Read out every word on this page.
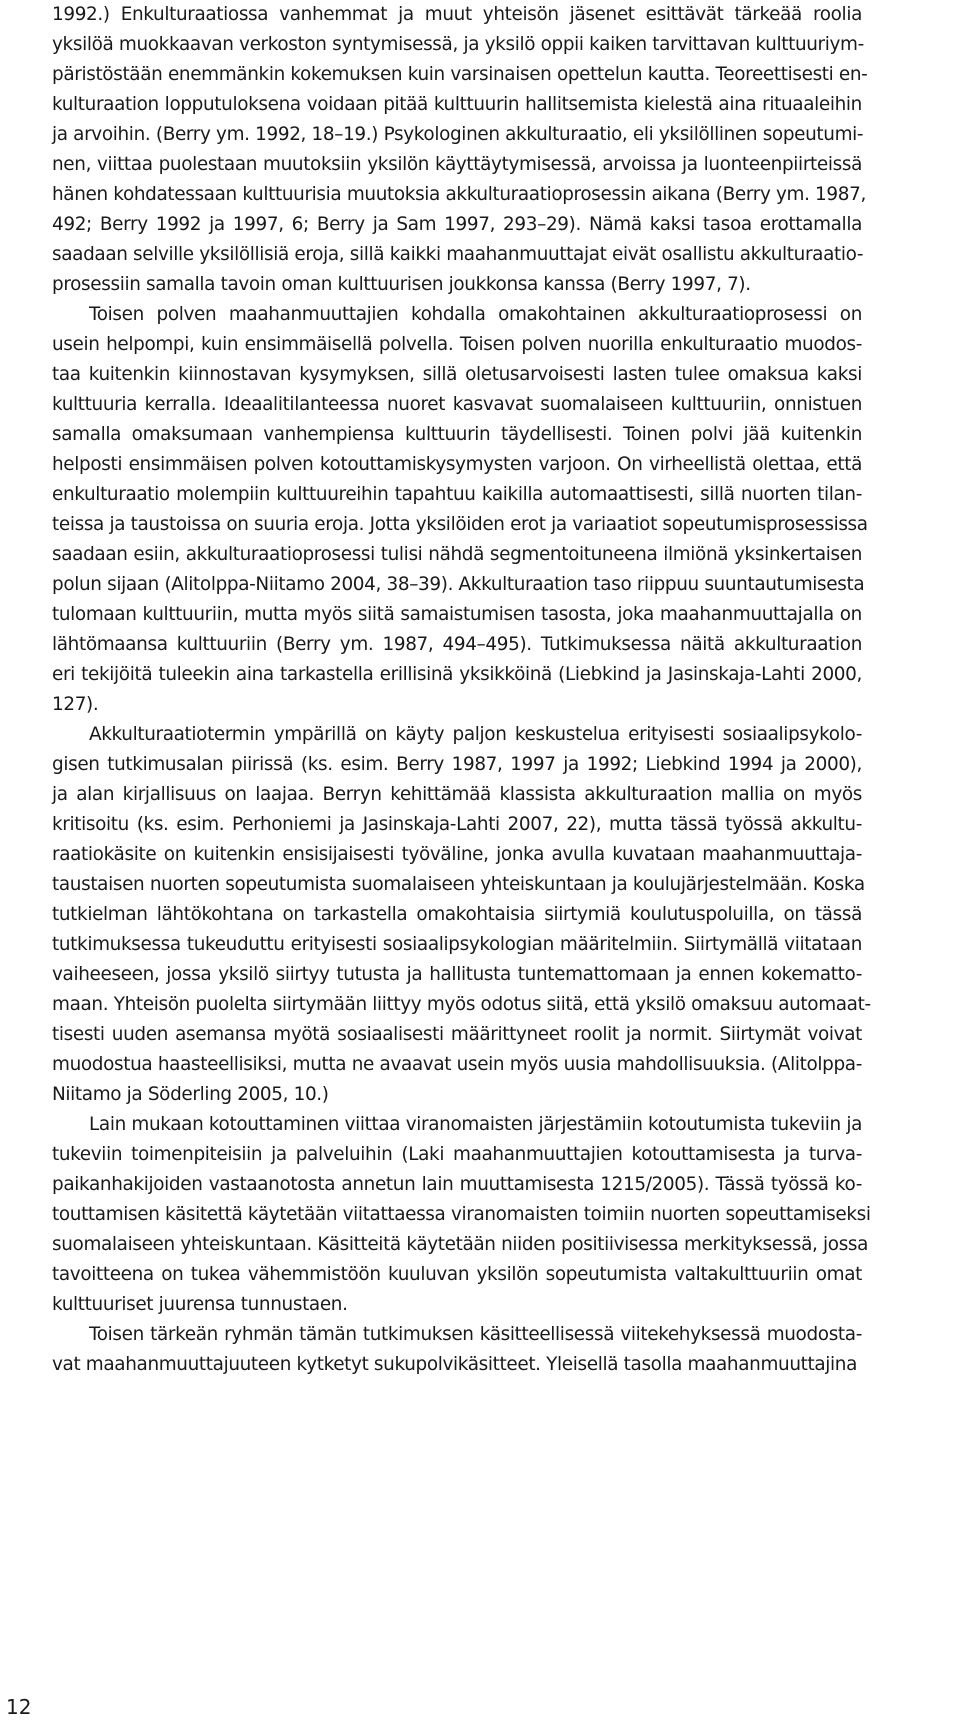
1992.) Enkulturaatiossa vanhemmat ja muut yhteisön jäsenet esittävät tärkeää roolia
yksilöä muokkaavan verkoston syntymisessä, ja yksilö oppii kaiken tarvittavan kulttuuriym-
päristöstään enemmänkin kokemuksen kuin varsinaisen opettelun kautta. Teoreettisesti en-
kulturaation lopputuloksena voidaan pitää kulttuurin hallitsemista kielestä aina rituaaleihin
ja arvoihin. (Berry ym. 1992, 18–19.) Psykologinen akkulturaatio, eli yksilöllinen sopeutumi-
nen, viittaa puolestaan muutoksiin yksilön käyttäytymisessä, arvoissa ja luonteenpiirteissä
hänen kohdatessaan kulttuurisia muutoksia akkulturaatioprosessin aikana (Berry ym. 1987,
492; Berry 1992 ja 1997, 6; Berry ja Sam 1997, 293–29). Nämä kaksi tasoa erottamalla
saadaan selville yksilöllisiä eroja, sillä kaikki maahanmuuttajat eivät osallistu akkulturaatio-
prosessiin samalla tavoin oman kulttuurisen joukkonsa kanssa (Berry 1997, 7).
Toisen polven maahanmuuttajien kohdalla omakohtainen akkulturaatioprosessi on
usein helpompi, kuin ensimmäisellä polvella. Toisen polven nuorilla enkulturaatio muodos-
taa kuitenkin kiinnostavan kysymyksen, sillä oletusarvoisesti lasten tulee omaksua kaksi
kulttuuria kerralla. Ideaalitilanteessa nuoret kasvavat suomalaiseen kulttuuriin, onnistuen
samalla omaksumaan vanhempiensa kulttuurin täydellisesti. Toinen polvi jää kuitenkin
helposti ensimmäisen polven kotouttamiskysymysten varjoon. On virheellistä olettaa, että
enkulturaatio molempiin kulttuureihin tapahtuu kaikilla automaattisesti, sillä nuorten tilan-
teissa ja taustoissa on suuria eroja. Jotta yksilöiden erot ja variaatiot sopeutumisprosessissa
saadaan esiin, akkulturaatioprosessi tulisi nähdä segmentoituneena ilmiönä yksinkertaisen
polun sijaan (Alitolppa-Niitamo 2004, 38–39). Akkulturaation taso riippuu suuntautumisesta
tulomaan kulttuuriin, mutta myös siitä samaistumisen tasosta, joka maahanmuuttajalla on
lähtömaansa kulttuuriin (Berry ym. 1987, 494–495). Tutkimuksessa näitä akkulturaation
eri tekijöitä tuleekin aina tarkastella erillisinä yksikköinä (Liebkind ja Jasinskaja-Lahti 2000,
127).
Akkulturaatiotermin ympärillä on käyty paljon keskustelua erityisesti sosiaalipsykolo-
gisen tutkimusalan piirissä (ks. esim. Berry 1987, 1997 ja 1992; Liebkind 1994 ja 2000),
ja alan kirjallisuus on laajaa. Berryn kehittämää klassista akkulturaation mallia on myös
kritisoitu (ks. esim. Perhoniemi ja Jasinskaja-Lahti 2007, 22), mutta tässä työssä akkultu-
raatiokäsite on kuitenkin ensisijaisesti työväline, jonka avulla kuvataan maahanmuuttaja-
taustaisen nuorten sopeutumista suomalaiseen yhteiskuntaan ja koulujärjestelmään. Koska
tutkielman lähtökohtana on tarkastella omakohtaisia siirtymiä koulutuspoluilla, on tässä
tutkimuksessa tukeuduttu erityisesti sosiaalipsykologian määritelmiin. Siirtymällä viitataan
vaiheeseen, jossa yksilö siirtyy tutusta ja hallitusta tuntemattomaan ja ennen kokematto-
maan. Yhteisön puolelta siirtymään liittyy myös odotus siitä, että yksilö omaksuu automaat-
tisesti uuden asemansa myötä sosiaalisesti määrittyneet roolit ja normit. Siirtymät voivat
muodostua haasteellisiksi, mutta ne avaavat usein myös uusia mahdollisuuksia. (Alitolppa-
Niitamo ja Söderling 2005, 10.)
Lain mukaan kotouttaminen viittaa viranomaisten järjestämiin kotoutumista tukeviin ja
tukeviin toimenpiteisiin ja palveluihin (Laki maahanmuuttajien kotouttamisesta ja turva-
paikanhakijoiden vastaanotosta annetun lain muuttamisesta 1215/2005). Tässä työssä ko-
touttamisen käsitettä käytetään viitattaessa viranomaisten toimiin nuorten sopeuttamiseksi
suomalaiseen yhteiskuntaan. Käsitteitä käytetään niiden positiivisessa merkityksessä, jossa
tavoitteena on tukea vähemmistöön kuuluvan yksilön sopeutumista valtakulttuuriin omat
kulttuuriset juurensa tunnustaen.
Toisen tärkeän ryhmän tämän tutkimuksen käsitteellisessä viitekehyksessä muodosta-
vat maahanmuuttajuuteen kytketyt sukupolvikäsitteet. Yleisellä tasolla maahanmuuttajina
12
